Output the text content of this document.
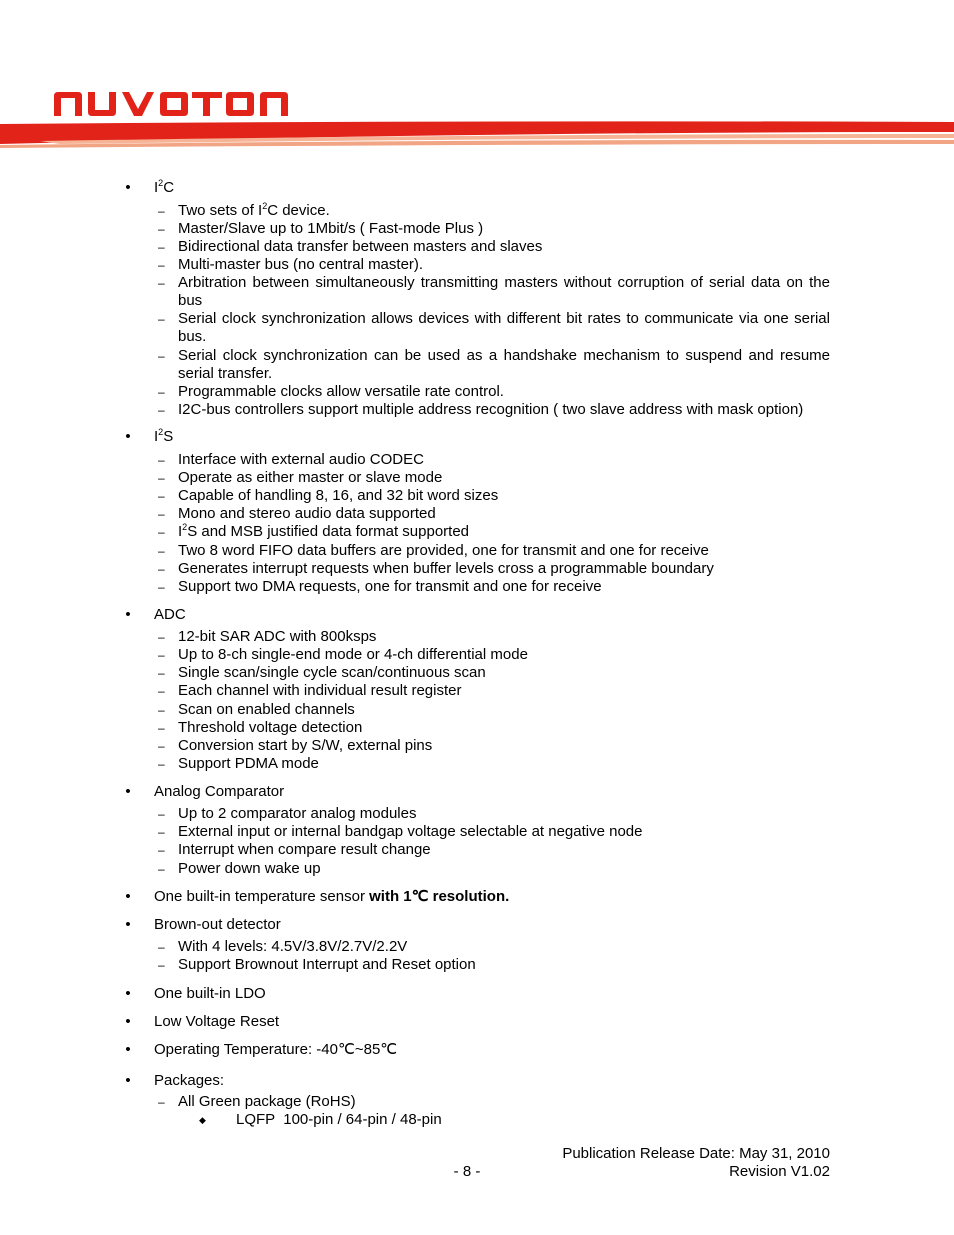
• $I^2C$
– Two sets of $I^2C$ device.
– Master/Slave up to 1Mbit/s ( Fast-mode Plus )
– Bidirectional data transfer between masters and slaves
– Multi-master bus (no central master).
– Arbitration between simultaneously transmitting masters without corruption of serial data on the bus
– Serial clock synchronization allows devices with different bit rates to communicate via one serial bus.
– Serial clock synchronization can be used as a handshake mechanism to suspend and resume serial transfer.
– Programmable clocks allow versatile rate control.
– I2C-bus controllers support multiple address recognition ( two slave address with mask option)
• $I^2S$
– Interface with external audio CODEC
– Operate as either master or slave mode
– Capable of handling 8, 16, and 32 bit word sizes
– Mono and stereo audio data supported
– $I^2S$ and MSB justified data format supported
– Two 8 word FIFO data buffers are provided, one for transmit and one for receive
– Generates interrupt requests when buffer levels cross a programmable boundary
– Support two DMA requests, one for transmit and one for receive
• ADC
– 12-bit SAR ADC with 800ksps
– Up to 8-ch single-end mode or 4-ch differential mode
– Single scan/single cycle scan/continuous scan
– Each channel with individual result register
– Scan on enabled channels
– Threshold voltage detection
– Conversion start by S/W, external pins
– Support PDMA mode
• Analog Comparator
– Up to 2 comparator analog modules
– External input or internal bandgap voltage selectable at negative node
– Interrupt when compare result change
– Power down wake up
• One built-in temperature sensor with 1℃ resolution.
• Brown-out detector
– With 4 levels: 4.5V/3.8V/2.7V/2.2V
– Support Brownout Interrupt and Reset option
• One built-in LDO
• Low Voltage Reset
• Operating Temperature: -40℃~85℃
• Packages:
– All Green package (RoHS)
◆ LQFP  100-pin / 64-pin / 48-pin
Publication Release Date: May 31, 2010
- 8 -	Revision V1.02
